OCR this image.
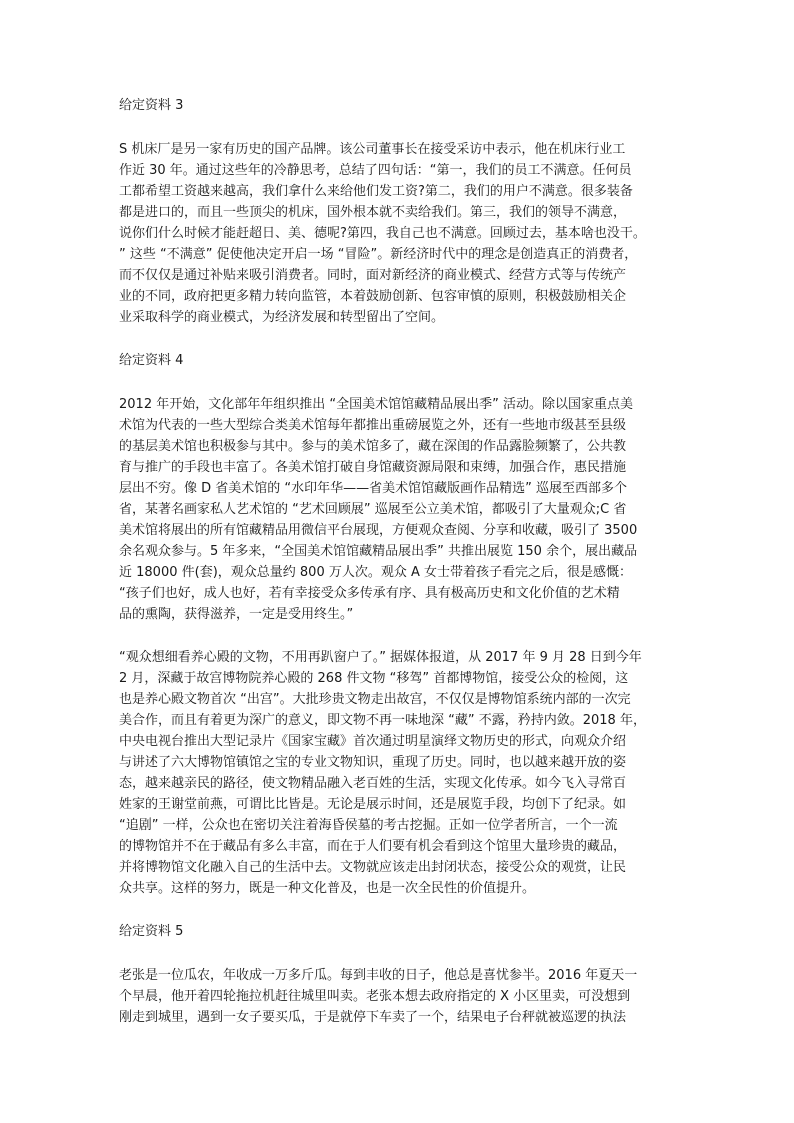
给定资料 3
S 机床厂是另一家有历史的国产品牌。该公司董事长在接受采访中表示，他在机床行业工
作近 30 年。通过这些年的冷静思考，总结了四句话：“第一，我们的员工不满意。任何员
工都希望工资越来越高，我们拿什么来给他们发工资?第二，我们的用户不满意。很多装备
都是进口的，而且一些顶尖的机床，国外根本就不卖给我们。第三，我们的领导不满意，
说你们什么时候才能赶超日、美、德呢?第四，我自己也不满意。回顾过去，基本啥也没干。
” 这些 “不满意” 促使他决定开启一场 “冒险”。新经济时代中的理念是创造真正的消费者，
而不仅仅是通过补贴来吸引消费者。同时，面对新经济的商业模式、经营方式等与传统产
业的不同，政府把更多精力转向监管，本着鼓励创新、包容审慎的原则，积极鼓励相关企
业采取科学的商业模式，为经济发展和转型留出了空间。
给定资料 4
2012 年开始，文化部年年组织推出 “全国美术馆馆藏精品展出季” 活动。除以国家重点美
术馆为代表的一些大型综合类美术馆每年都推出重磅展览之外，还有一些地市级甚至县级
的基层美术馆也积极参与其中。参与的美术馆多了，藏在深闺的作品露脸频繁了，公共教
育与推广的手段也丰富了。各美术馆打破自身馆藏资源局限和束缚，加强合作，惠民措施
层出不穷。像 D 省美术馆的 “水印年华——省美术馆馆藏版画作品精选” 巡展至西部多个
省，某著名画家私人艺术馆的 “艺术回顾展” 巡展至公立美术馆，都吸引了大量观众;C 省
美术馆将展出的所有馆藏精品用微信平台展现，方便观众查阅、分享和收藏，吸引了 3500
余名观众参与。5 年多来，“全国美术馆馆藏精品展出季” 共推出展览 150 余个，展出藏品
近 18000 件(套)，观众总量约 800 万人次。观众 A 女士带着孩子看完之后，很是感慨：
“孩子们也好，成人也好，若有幸接受众多传承有序、具有极高历史和文化价值的艺术精
品的熏陶，获得滋养，一定是受用终生。”
“观众想细看养心殿的文物，不用再趴窗户了。” 据媒体报道，从 2017 年 9 月 28 日到今年
2 月，深藏于故宫博物院养心殿的 268 件文物 “移驾” 首都博物馆，接受公众的检阅，这
也是养心殿文物首次 “出宫”。大批珍贵文物走出故宫，不仅仅是博物馆系统内部的一次完
美合作，而且有着更为深广的意义，即文物不再一味地深 “藏” 不露，矜持内敛。2018 年，
中央电视台推出大型记录片《国家宝藏》首次通过明星演绎文物历史的形式，向观众介绍
与讲述了六大博物馆镇馆之宝的专业文物知识，重现了历史。同时，也以越来越开放的姿
态，越来越亲民的路径，使文物精品融入老百姓的生活，实现文化传承。如今飞入寻常百
姓家的王谢堂前燕，可谓比比皆是。无论是展示时间，还是展览手段，均创下了纪录。如
“追剧” 一样，公众也在密切关注着海昏侯墓的考古挖掘。正如一位学者所言，一个一流
的博物馆并不在于藏品有多么丰富，而在于人们要有机会看到这个馆里大量珍贵的藏品，
并将博物馆文化融入自己的生活中去。文物就应该走出封闭状态，接受公众的观赏，让民
众共享。这样的努力，既是一种文化普及，也是一次全民性的价值提升。
给定资料 5
老张是一位瓜农，年收成一万多斤瓜。每到丰收的日子，他总是喜忧参半。2016 年夏天一
个早晨，他开着四轮拖拉机赶往城里叫卖。老张本想去政府指定的 X 小区里卖，可没想到
刚走到城里，遇到一女子要买瓜，于是就停下车卖了一个，结果电子台秤就被巡逻的执法
